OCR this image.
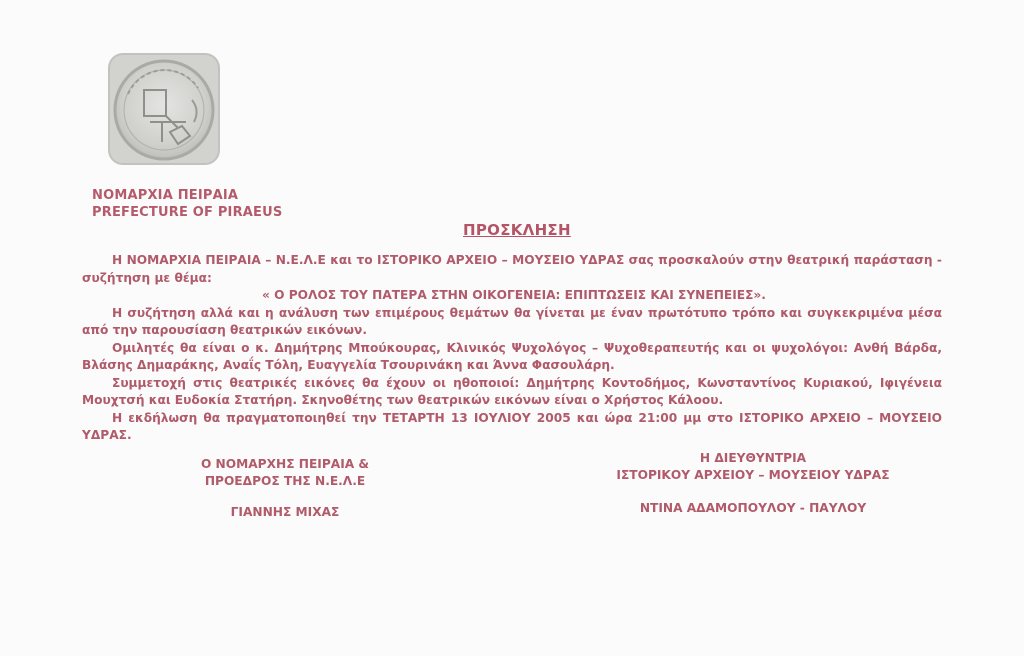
ΝΟΜΑΡΧΙΑ ΠΕΙΡΑΙΑ
PREFECTURE OF PIRAEUS
ΠΡΟΣΚΛΗΣΗ

Η ΝΟΜΑΡΧΙΑ ΠΕΙΡΑΙΑ – Ν.Ε.Λ.Ε και το ΙΣΤΟΡΙΚΟ ΑΡΧΕΙΟ – ΜΟΥΣΕΙΟ ΥΔΡΑΣ σας προσκαλούν στην θεατρική παράσταση - συζήτηση με θέμα:

« Ο ΡΟΛΟΣ ΤΟΥ ΠΑΤΕΡΑ ΣΤΗΝ ΟΙΚΟΓΕΝΕΙΑ: ΕΠΙΠΤΩΣΕΙΣ ΚΑΙ ΣΥΝΕΠΕΙΕΣ».

Η συζήτηση αλλά και η ανάλυση των επιμέρους θεμάτων θα γίνεται με έναν πρωτότυπο τρόπο και συγκεκριμένα μέσα από την παρουσίαση θεατρικών εικόνων.

Ομιλητές θα είναι ο κ. Δημήτρης Μπούκουρας, Κλινικός Ψυχολόγος – Ψυχοθεραπευτής και οι ψυχολόγοι: Ανθή Βάρδα, Βλάσης Δημαράκης, Αναΐς Τόλη, Ευαγγελία Τσουρινάκη και Άννα Φασουλάρη.

Συμμετοχή στις θεατρικές εικόνες θα έχουν οι ηθοποιοί: Δημήτρης Κοντοδήμος, Κωνσταντίνος Κυριακού, Ιφιγένεια Μουχτσή και Ευδοκία Στατήρη. Σκηνοθέτης των θεατρικών εικόνων είναι ο Χρήστος Κάλοου.

Η εκδήλωση θα πραγματοποιηθεί την ΤΕΤΑΡΤΗ 13 ΙΟΥΛΙΟΥ 2005 και ώρα 21:00 μμ στο ΙΣΤΟΡΙΚΟ ΑΡΧΕΙΟ – ΜΟΥΣΕΙΟ ΥΔΡΑΣ.

Ο ΝΟΜΑΡΧΗΣ ΠΕΙΡΑΙΑ &
ΠΡΟΕΔΡΟΣ ΤΗΣ Ν.Ε.Λ.Ε
ΓΙΑΝΝΗΣ ΜΙΧΑΣ
Η ΔΙΕΥΘΥΝΤΡΙΑ
ΙΣΤΟΡΙΚΟΥ ΑΡΧΕΙΟΥ – ΜΟΥΣΕΙΟΥ ΥΔΡΑΣ
ΝΤΙΝΑ ΑΔΑΜΟΠΟΥΛΟΥ - ΠΑΥΛΟΥ
